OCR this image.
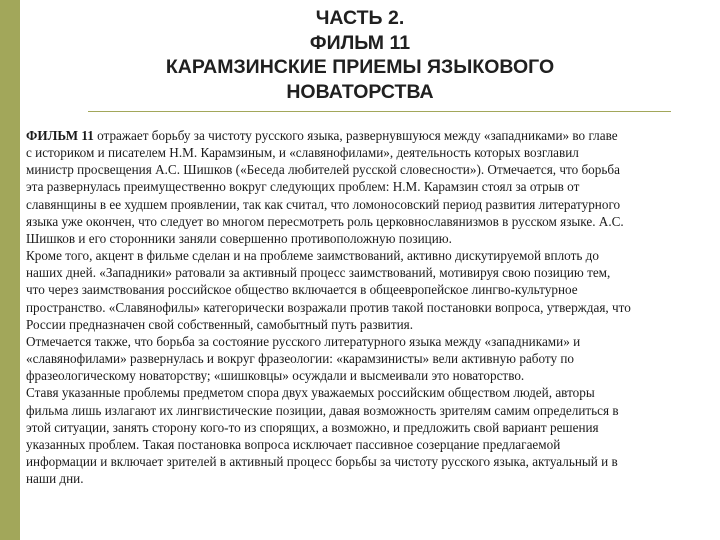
ЧАСТЬ 2.
ФИЛЬМ 11
КАРАМЗИНСКИЕ ПРИЕМЫ ЯЗЫКОВОГО
НОВАТОРСТВА
ФИЛЬМ 11 отражает борьбу за чистоту русского языка, развернувшуюся между «западниками» во главе
с историком и писателем Н.М. Карамзиным, и «славянофилами», деятельность которых возглавил
министр просвещения А.С. Шишков («Беседа любителей русской словесности»). Отмечается, что борьба
эта развернулась преимущественно вокруг следующих проблем: Н.М. Карамзин стоял за отрыв от
славянщины в ее худшем проявлении, так как считал, что ломоносовский период развития литературного
языка уже окончен, что следует во многом пересмотреть роль церковнославянизмов в русском языке. А.С.
Шишков и его сторонники заняли совершенно противоположную позицию.
Кроме того, акцент в фильме сделан и на проблеме заимствований, активно дискутируемой вплоть до
наших дней. «Западники» ратовали за активный процесс заимствований, мотивируя свою позицию тем,
что через заимствования российское общество включается в общеевропейское лингво-культурное
пространство. «Славянофилы» категорически возражали против такой постановки вопроса, утверждая, что
России предназначен свой собственный, самобытный путь развития.
Отмечается также, что борьба за состояние русского литературного языка между «западниками» и
«славянофилами» развернулась и вокруг фразеологии: «карамзинисты» вели активную работу по
фразеологическому новаторству; «шишковцы» осуждали и высмеивали это новаторство.
Ставя указанные проблемы предметом спора двух уважаемых российским обществом людей, авторы
фильма лишь излагают их лингвистические позиции, давая возможность зрителям самим определиться в
этой ситуации, занять сторону кого-то из спорящих, а возможно, и предложить свой вариант решения
указанных проблем. Такая постановка вопроса исключает пассивное созерцание предлагаемой
информации и включает зрителей в активный процесс борьбы за чистоту русского языка, актуальный и в
наши дни.
